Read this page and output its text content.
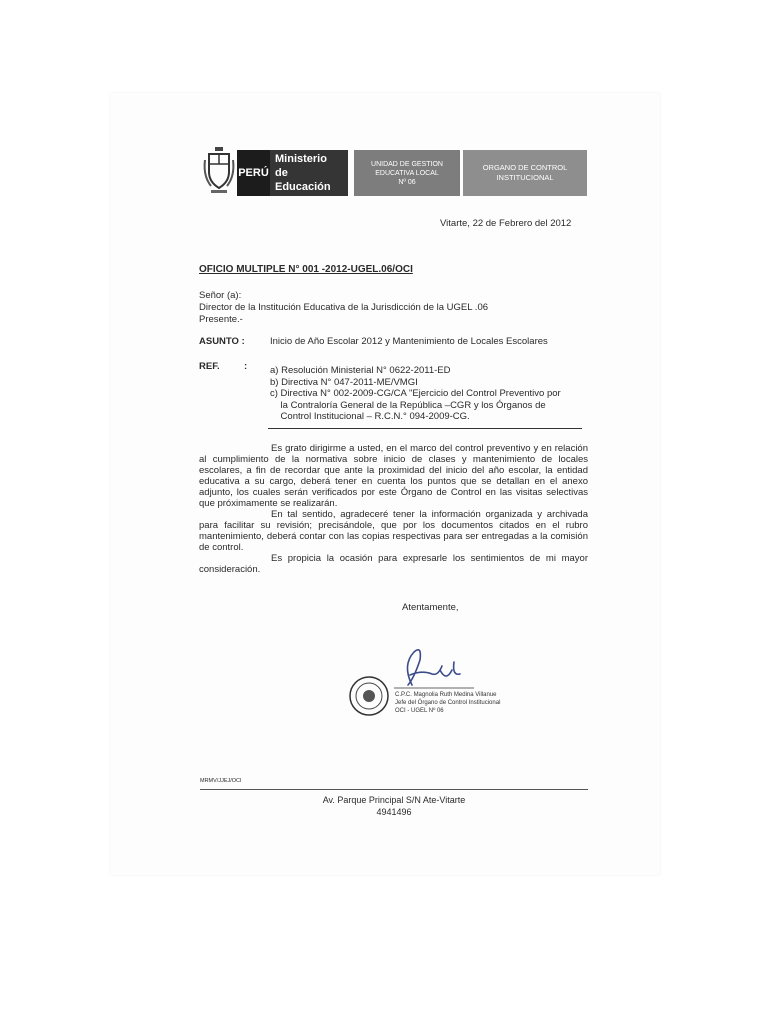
PERÚ
Ministerio
de Educación
UNIDAD DE GESTION
EDUCATIVA LOCAL
Nº 06
ORGANO DE CONTROL
INSTITUCIONAL
Vitarte, 22 de Febrero del 2012
OFICIO MULTIPLE N° 001 -2012-UGEL.06/OCI
Señor (a):
Director de la Institución Educativa de la Jurisdicción de la UGEL .06
Presente.-
ASUNTO :	Inicio de Año Escolar 2012 y Mantenimiento de Locales Escolares
REF.	: a) Resolución Ministerial N° 0622-2011-ED
b) Directiva N° 047-2011-ME/VMGI
c) Directiva N° 002-2009-CG/CA "Ejercicio del Control Preventivo por
la Contraloría General de la República –CGR y los Órganos de
Control Institucional – R.C.N.° 094-2009-CG.

Es grato dirigirme a usted, en el marco del control preventivo y en relación al cumplimiento de la normativa sobre inicio de clases y mantenimiento de locales escolares, a fin de recordar que ante la proximidad del inicio del año escolar, la entidad educativa a su cargo, deberá tener en cuenta los puntos que se detallan en el anexo adjunto, los cuales serán verificados por este Órgano de Control en las visitas selectivas que próximamente se realizarán.

En tal sentido, agradeceré tener la información organizada y archivada para facilitar su revisión; precisándole, que por los documentos citados en el rubro mantenimiento, deberá contar con las copias respectivas para ser entregadas a la comisión de control.

Es propicia la ocasión para expresarle los sentimientos de mi mayor consideración.

Atentamente,
C.P.C. Magnolia Ruth Medina Villanue
Jefe del Órgano de Control Institucional
OCI - UGEL Nº 06
MRMV/JJEJ/OCI
Av. Parque Principal S/N Ate-Vitarte
4941496
